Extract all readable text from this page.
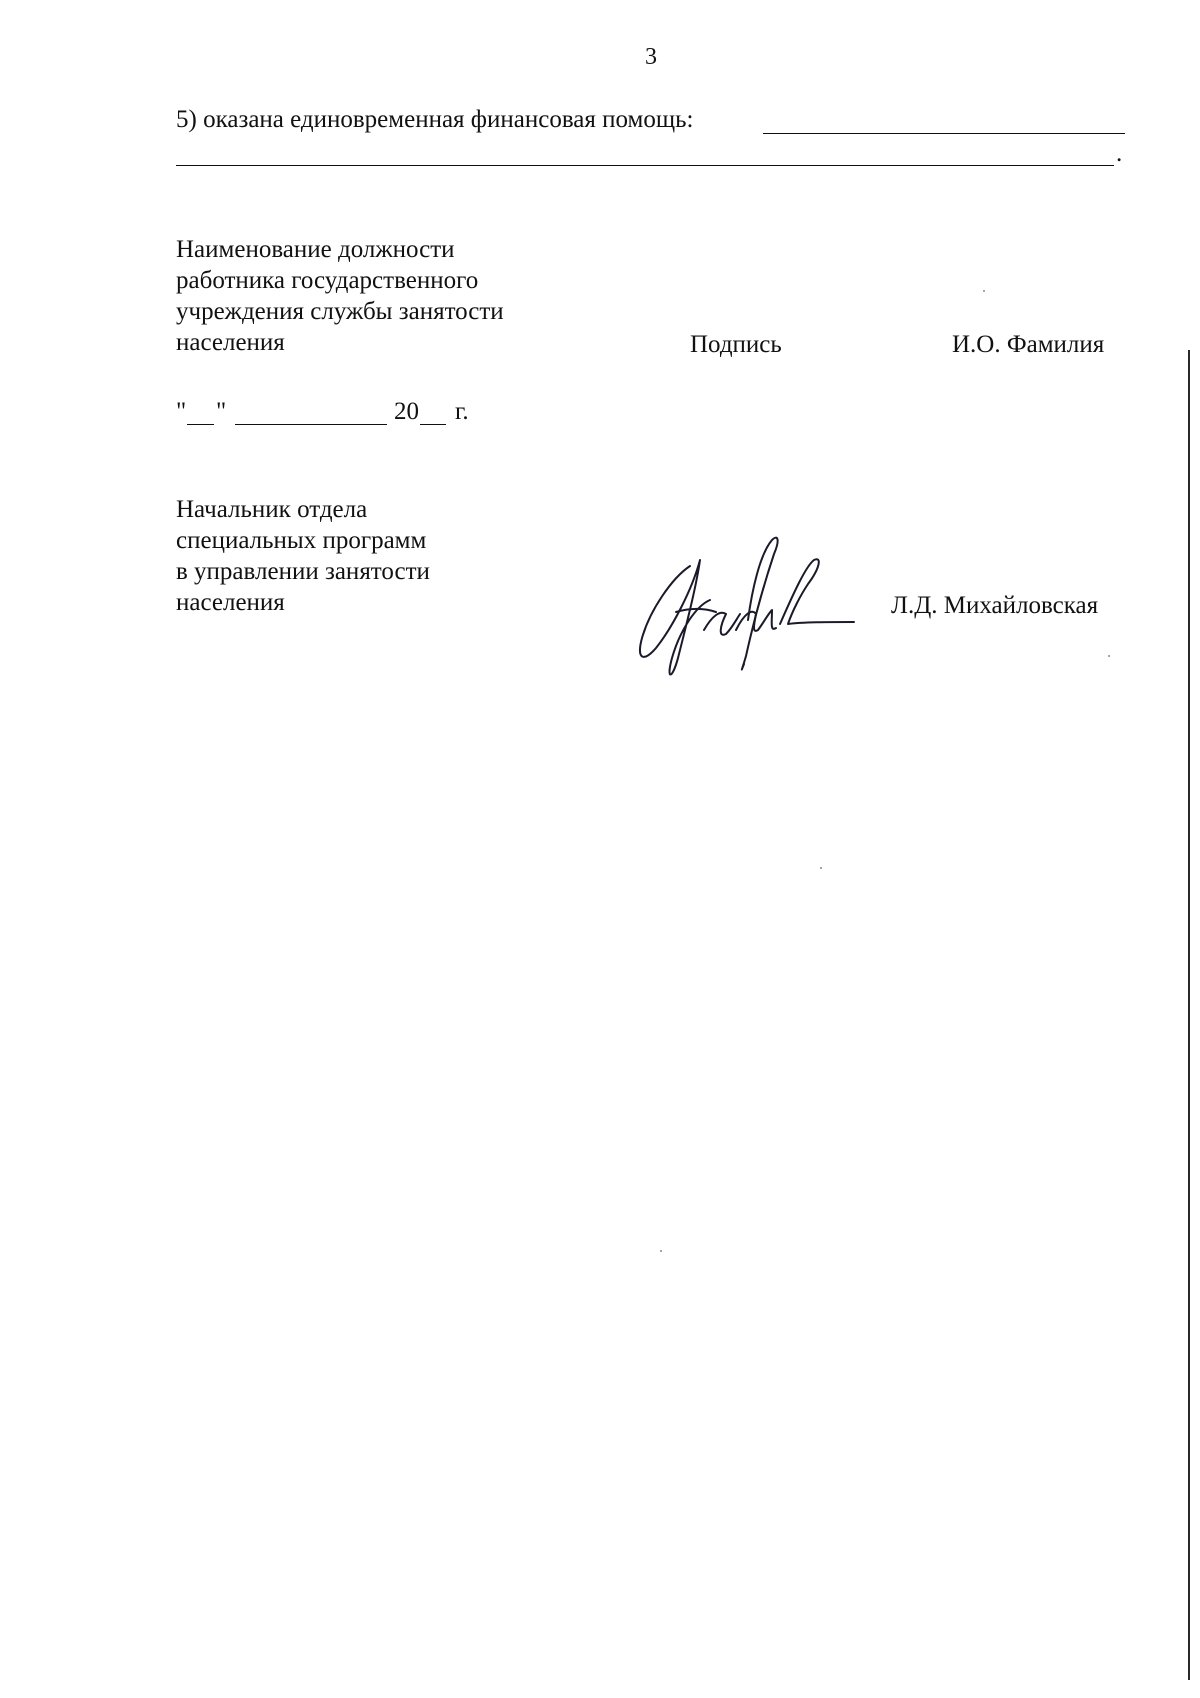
3
5) оказана единовременная финансовая помощь:
.
Наименование должности
работника государственного
учреждения службы занятости
населения	Подпись	И.О. Фамилия
" "	20 г.
Начальник отдела
специальных программ
в управлении занятости
населения	Л.Д. Михайловская
